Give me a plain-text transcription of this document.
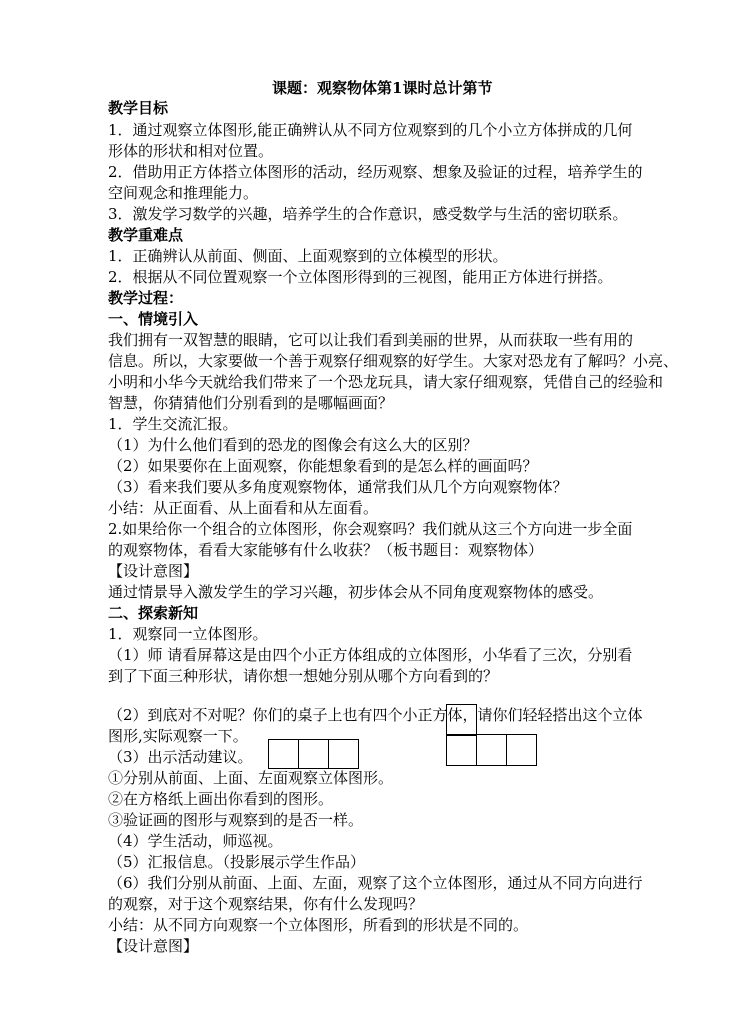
课题：观察物体第1课时总计第节
教学目标
1．通过观察立体图形,能正确辨认从不同方位观察到的几个小立方体拼成的几何
形体的形状和相对位置。
2．借助用正方体搭立体图形的活动，经历观察、想象及验证的过程，培养学生的
空间观念和推理能力。
3．激发学习数学的兴趣，培养学生的合作意识，感受数学与生活的密切联系。
教学重难点
1．正确辨认从前面、侧面、上面观察到的立体模型的形状。
2．根据从不同位置观察一个立体图形得到的三视图，能用正方体进行拼搭。
教学过程：
一、情境引入
我们拥有一双智慧的眼睛，它可以让我们看到美丽的世界，从而获取一些有用的
信息。所以，大家要做一个善于观察仔细观察的好学生。大家对恐龙有了解吗？小亮、
小明和小华今天就给我们带来了一个恐龙玩具，请大家仔细观察，凭借自己的经验和
智慧，你猜猜他们分别看到的是哪幅画面？
1．学生交流汇报。
（1）为什么他们看到的恐龙的图像会有这么大的区别？
（2）如果要你在上面观察，你能想象看到的是怎么样的画面吗？
（3）看来我们要从多角度观察物体，通常我们从几个方向观察物体？
小结：从正面看、从上面看和从左面看。
2.如果给你一个组合的立体图形，你会观察吗？我们就从这三个方向进一步全面
的观察物体，看看大家能够有什么收获？（板书题目：观察物体）
【设计意图】
通过情景导入激发学生的学习兴趣，初步体会从不同角度观察物体的感受。
二、探索新知
1．观察同一立体图形。
（1）师 请看屏幕这是由四个小正方体组成的立体图形，小华看了三次，分别看
到了下面三种形状，请你想一想她分别从哪个方向看到的？
（2）到底对不对呢？你们的桌子上也有四个小正方体，请你们轻轻搭出这个立体
图形,实际观察一下。
（3）出示活动建议。
①分别从前面、上面、左面观察立体图形。
②在方格纸上画出你看到的图形。
③验证画的图形与观察到的是否一样。
（4）学生活动，师巡视。
（5）汇报信息。（投影展示学生作品）
（6）我们分别从前面、上面、左面，观察了这个立体图形，通过从不同方向进行
的观察，对于这个观察结果，你有什么发现吗？
小结：从不同方向观察一个立体图形，所看到的形状是不同的。
【设计意图】
